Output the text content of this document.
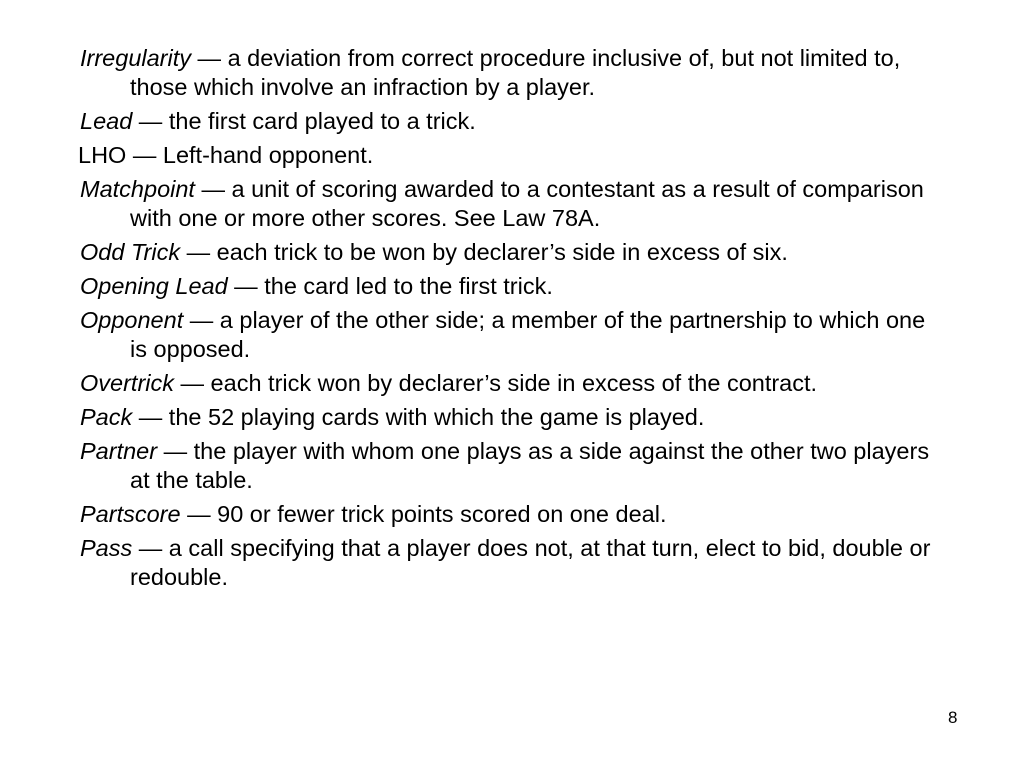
Irregularity — a deviation from correct procedure inclusive of, but not limited to, those which involve an infraction by a player.
Lead — the first card played to a trick.
LHO — Left-hand opponent.
Matchpoint — a unit of scoring awarded to a contestant as a result of comparison with one or more other scores. See Law 78A.
Odd Trick — each trick to be won by declarer’s side in excess of six.
Opening Lead — the card led to the first trick.
Opponent — a player of the other side; a member of the partnership to which one is opposed.
Overtrick — each trick won by declarer’s side in excess of the contract.
Pack — the 52 playing cards with which the game is played.
Partner — the player with whom one plays as a side against the other two players at the table.
Partscore — 90 or fewer trick points scored on one deal.
Pass — a call specifying that a player does not, at that turn, elect to bid, double or redouble.
8
